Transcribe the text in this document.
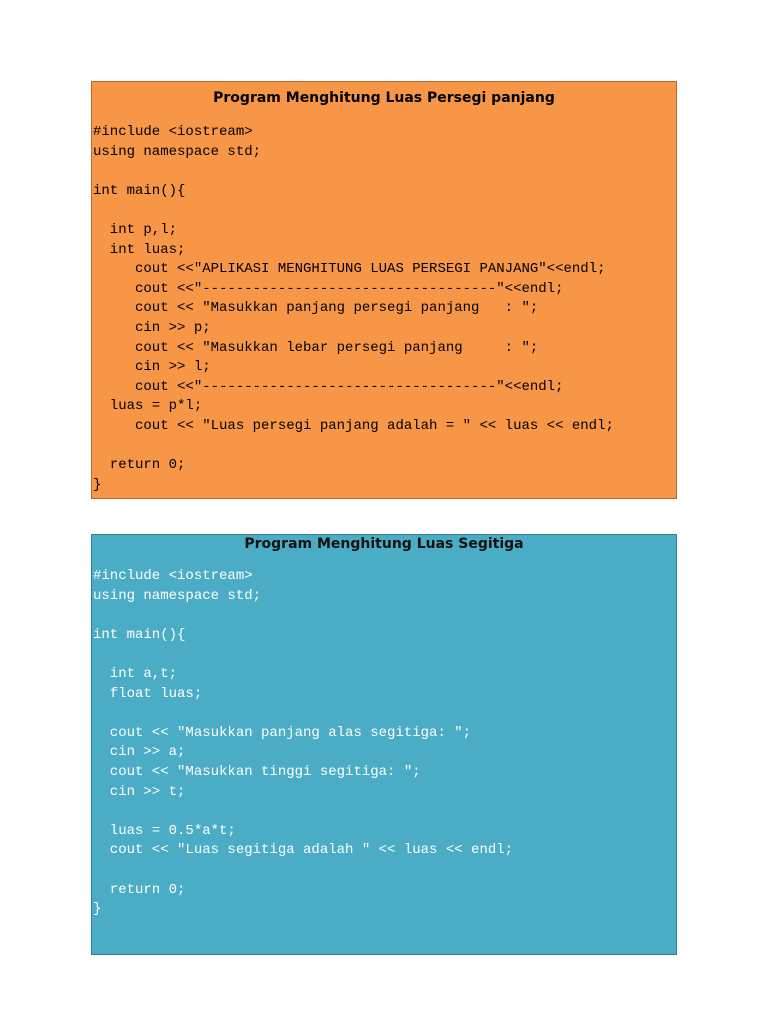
Program Menghitung Luas Persegi panjang
#include <iostream>
using namespace std;

int main(){

int p,l;
int luas;
cout <<"APLIKASI MENGHITUNG LUAS PERSEGI PANJANG"<<endl;
cout <<"-----------------------------------"<<endl;
cout << "Masukkan panjang persegi panjang   : ";
cin >> p;
cout << "Masukkan lebar persegi panjang     : ";
cin >> l;
cout <<"-----------------------------------"<<endl;
luas = p*l;
cout << "Luas persegi panjang adalah = " << luas << endl;

return 0;
}
Program Menghitung Luas Segitiga
#include <iostream>
using namespace std;

int main(){

int a,t;
float luas;

cout << "Masukkan panjang alas segitiga: ";
cin >> a;
cout << "Masukkan tinggi segitiga: ";
cin >> t;

luas = 0.5*a*t;
cout << "Luas segitiga adalah " << luas << endl;

return 0;
}
